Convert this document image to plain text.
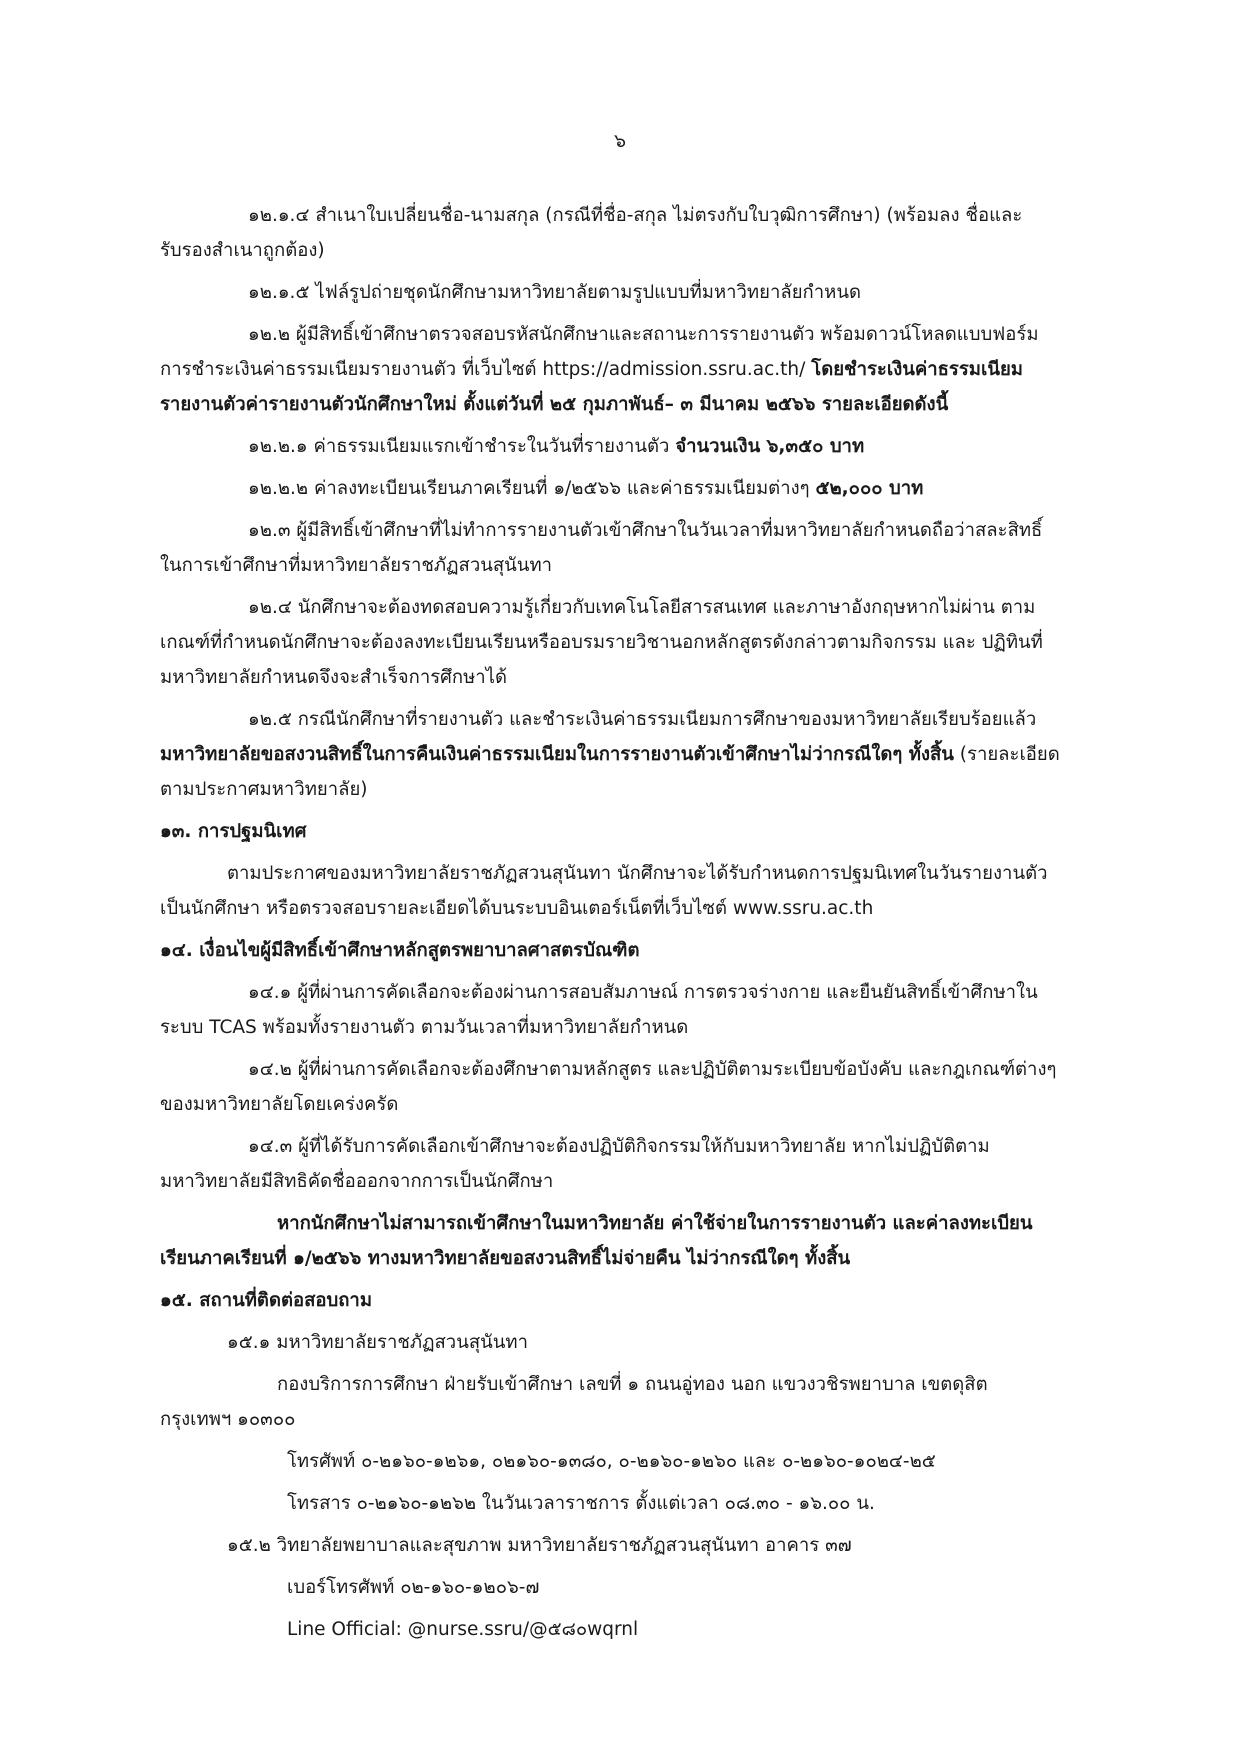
๖

๑๒.๑.๔ สำเนาใบเปลี่ยนชื่อ-นามสกุล (กรณีที่ชื่อ-สกุล ไม่ตรงกับใบวุฒิการศึกษา) (พร้อมลง ชื่อและรับรองสำเนาถูกต้อง)

๑๒.๑.๕ ไฟล์รูปถ่ายชุดนักศึกษามหาวิทยาลัยตามรูปแบบที่มหาวิทยาลัยกำหนด

๑๒.๒ ผู้มีสิทธิ์เข้าศึกษาตรวจสอบรหัสนักศึกษาและสถานะการรายงานตัว พร้อมดาวน์โหลดแบบฟอร์มการชำระเงินค่าธรรมเนียมรายงานตัว ที่เว็บไซต์ https://admission.ssru.ac.th/ โดยชำระเงินค่าธรรมเนียมรายงานตัวค่ารายงานตัวนักศึกษาใหม่ ตั้งแต่วันที่ ๒๕ กุมภาพันธ์– ๓ มีนาคม ๒๕๖๖ รายละเอียดดังนี้

๑๒.๒.๑ ค่าธรรมเนียมแรกเข้าชำระในวันที่รายงานตัว จำนวนเงิน ๖,๓๕๐ บาท

๑๒.๒.๒ ค่าลงทะเบียนเรียนภาคเรียนที่ ๑/๒๕๖๖ และค่าธรรมเนียมต่างๆ ๕๒,๐๐๐ บาท

๑๒.๓ ผู้มีสิทธิ์เข้าศึกษาที่ไม่ทำการรายงานตัวเข้าศึกษาในวันเวลาที่มหาวิทยาลัยกำหนดถือว่าสละสิทธิ์ในการเข้าศึกษาที่มหาวิทยาลัยราชภัฏสวนสุนันทา

๑๒.๔ นักศึกษาจะต้องทดสอบความรู้เกี่ยวกับเทคโนโลยีสารสนเทศ และภาษาอังกฤษหากไม่ผ่าน ตาม เกณฑ์ที่กำหนดนักศึกษาจะต้องลงทะเบียนเรียนหรืออบรมรายวิชานอกหลักสูตรดังกล่าวตามกิจกรรม และ ปฏิทินที่มหาวิทยาลัยกำหนดจึงจะสำเร็จการศึกษาได้

๑๒.๕ กรณีนักศึกษาที่รายงานตัว และชำระเงินค่าธรรมเนียมการศึกษาของมหาวิทยาลัยเรียบร้อยแล้ว มหาวิทยาลัยขอสงวนสิทธิ์ในการคืนเงินค่าธรรมเนียมในการรายงานตัวเข้าศึกษาไม่ว่ากรณีใดๆ ทั้งสิ้น (รายละเอียดตามประกาศมหาวิทยาลัย)

๑๓. การปฐมนิเทศ

ตามประกาศของมหาวิทยาลัยราชภัฏสวนสุนันทา นักศึกษาจะได้รับกำหนดการปฐมนิเทศในวันรายงานตัวเป็นนักศึกษา หรือตรวจสอบรายละเอียดได้บนระบบอินเตอร์เน็ตที่เว็บไซต์ www.ssru.ac.th

๑๔. เงื่อนไขผู้มีสิทธิ์เข้าศึกษาหลักสูตรพยาบาลศาสตรบัณฑิต

๑๔.๑ ผู้ที่ผ่านการคัดเลือกจะต้องผ่านการสอบสัมภาษณ์ การตรวจร่างกาย และยืนยันสิทธิ์เข้าศึกษาในระบบ TCAS พร้อมทั้งรายงานตัว ตามวันเวลาที่มหาวิทยาลัยกำหนด

๑๔.๒ ผู้ที่ผ่านการคัดเลือกจะต้องศึกษาตามหลักสูตร และปฏิบัติตามระเบียบข้อบังคับ และกฎเกณฑ์ต่างๆ ของมหาวิทยาลัยโดยเคร่งครัด

๑๔.๓ ผู้ที่ได้รับการคัดเลือกเข้าศึกษาจะต้องปฏิบัติกิจกรรมให้กับมหาวิทยาลัย หากไม่ปฏิบัติตามมหาวิทยาลัยมีสิทธิคัดชื่อออกจากการเป็นนักศึกษา

หากนักศึกษาไม่สามารถเข้าศึกษาในมหาวิทยาลัย ค่าใช้จ่ายในการรายงานตัว และค่าลงทะเบียนเรียนภาคเรียนที่ ๑/๒๕๖๖ ทางมหาวิทยาลัยขอสงวนสิทธิ์ไม่จ่ายคืน ไม่ว่ากรณีใดๆ ทั้งสิ้น

๑๕. สถานที่ติดต่อสอบถาม

๑๕.๑ มหาวิทยาลัยราชภัฏสวนสุนันทา

กองบริการการศึกษา ฝ่ายรับเข้าศึกษา เลขที่ ๑ ถนนอู่ทอง นอก แขวงวชิรพยาบาล เขตดุสิต กรุงเทพฯ ๑๐๓๐๐

โทรศัพท์ ๐-๒๑๖๐-๑๒๖๑, ๐๒๑๖๐-๑๓๘๐, ๐-๒๑๖๐-๑๒๖๐ และ ๐-๒๑๖๐-๑๐๒๔-๒๕

โทรสาร ๐-๒๑๖๐-๑๒๖๒ ในวันเวลาราชการ ตั้งแต่เวลา ๐๘.๓๐ - ๑๖.๐๐ น.

๑๕.๒ วิทยาลัยพยาบาลและสุขภาพ มหาวิทยาลัยราชภัฏสวนสุนันทา อาคาร ๓๗

เบอร์โทรศัพท์ ๐๒-๑๖๐-๑๒๐๖-๗

Line Official: @nurse.ssru/@๕๘๐wqrnl
